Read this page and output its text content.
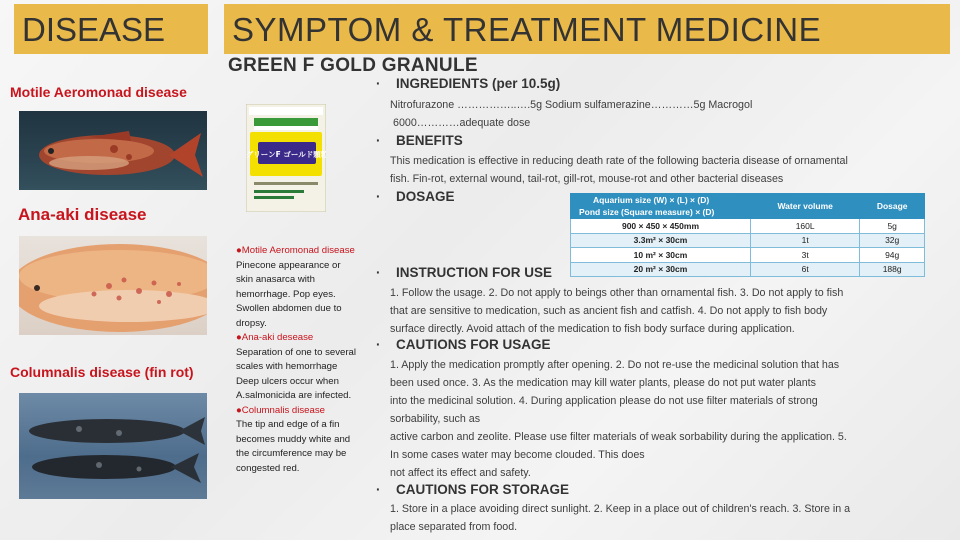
DISEASE SYMPTOM & TREATMENT MEDICINE
Motile Aeromonad disease
Ana-aki disease
Columnalis disease (fin rot)
GREEN F GOLD GRANULE
グリーンF ゴールド顆粒

●Motile Aeromonad disease

Pinecone appearance or skin anasarca with hemorrhage. Pop eyes. Swollen abdomen due to dropsy.

●Ana-aki desease

Separation of one to several scales with hemorrhage Deep ulcers occur when A.salmonicida are infected.

●Columnalis disease

The tip and edge of a fin becomes muddy white and the circumference may be congested red.

· INGREDIENTS (per 10.5g)
Nitrofurazone ……………..….5g Sodium sulfamerazine…………5g Macrogol
6000…………adequate dose
· BENEFITS
This medication is effective in reducing death rate of the following bacteria disease of ornamental
fish. Fin-rot, external wound, tail-rot, gill-rot, mouse-rot and other bacterial diseases
· DOSAGE	Aquarium size (W) × (L) × (D)
Pond size (Square measure) × (D)	Water volume	Dosage
900 × 450 × 450mm	160L	5g
3.3m² × 30cm	1t	32g
10 m² × 30cm	3t	94g
20 m² × 30cm	6t	188g
· INSTRUCTION FOR USE
1. Follow the usage. 2. Do not apply to beings other than ornamental fish. 3. Do not apply to fish
that are sensitive to medication, such as ancient fish and catfish. 4. Do not apply to fish body
surface directly. Avoid attach of the medication to fish body surface during application.
· CAUTIONS FOR USAGE
1. Apply the medication promptly after opening. 2. Do not re-use the medicinal solution that has
been used once. 3. As the medication may kill water plants, please do not put water plants
into the medicinal solution. 4. During application please do not use filter materials of strong
sorbability, such as
active carbon and zeolite. Please use filter materials of weak sorbability during the application. 5.
In some cases water may become clouded. This does
not affect its effect and safety.
· CAUTIONS FOR STORAGE
1. Store in a place avoiding direct sunlight. 2. Keep in a place out of children's reach. 3. Store in a
place separated from food.
